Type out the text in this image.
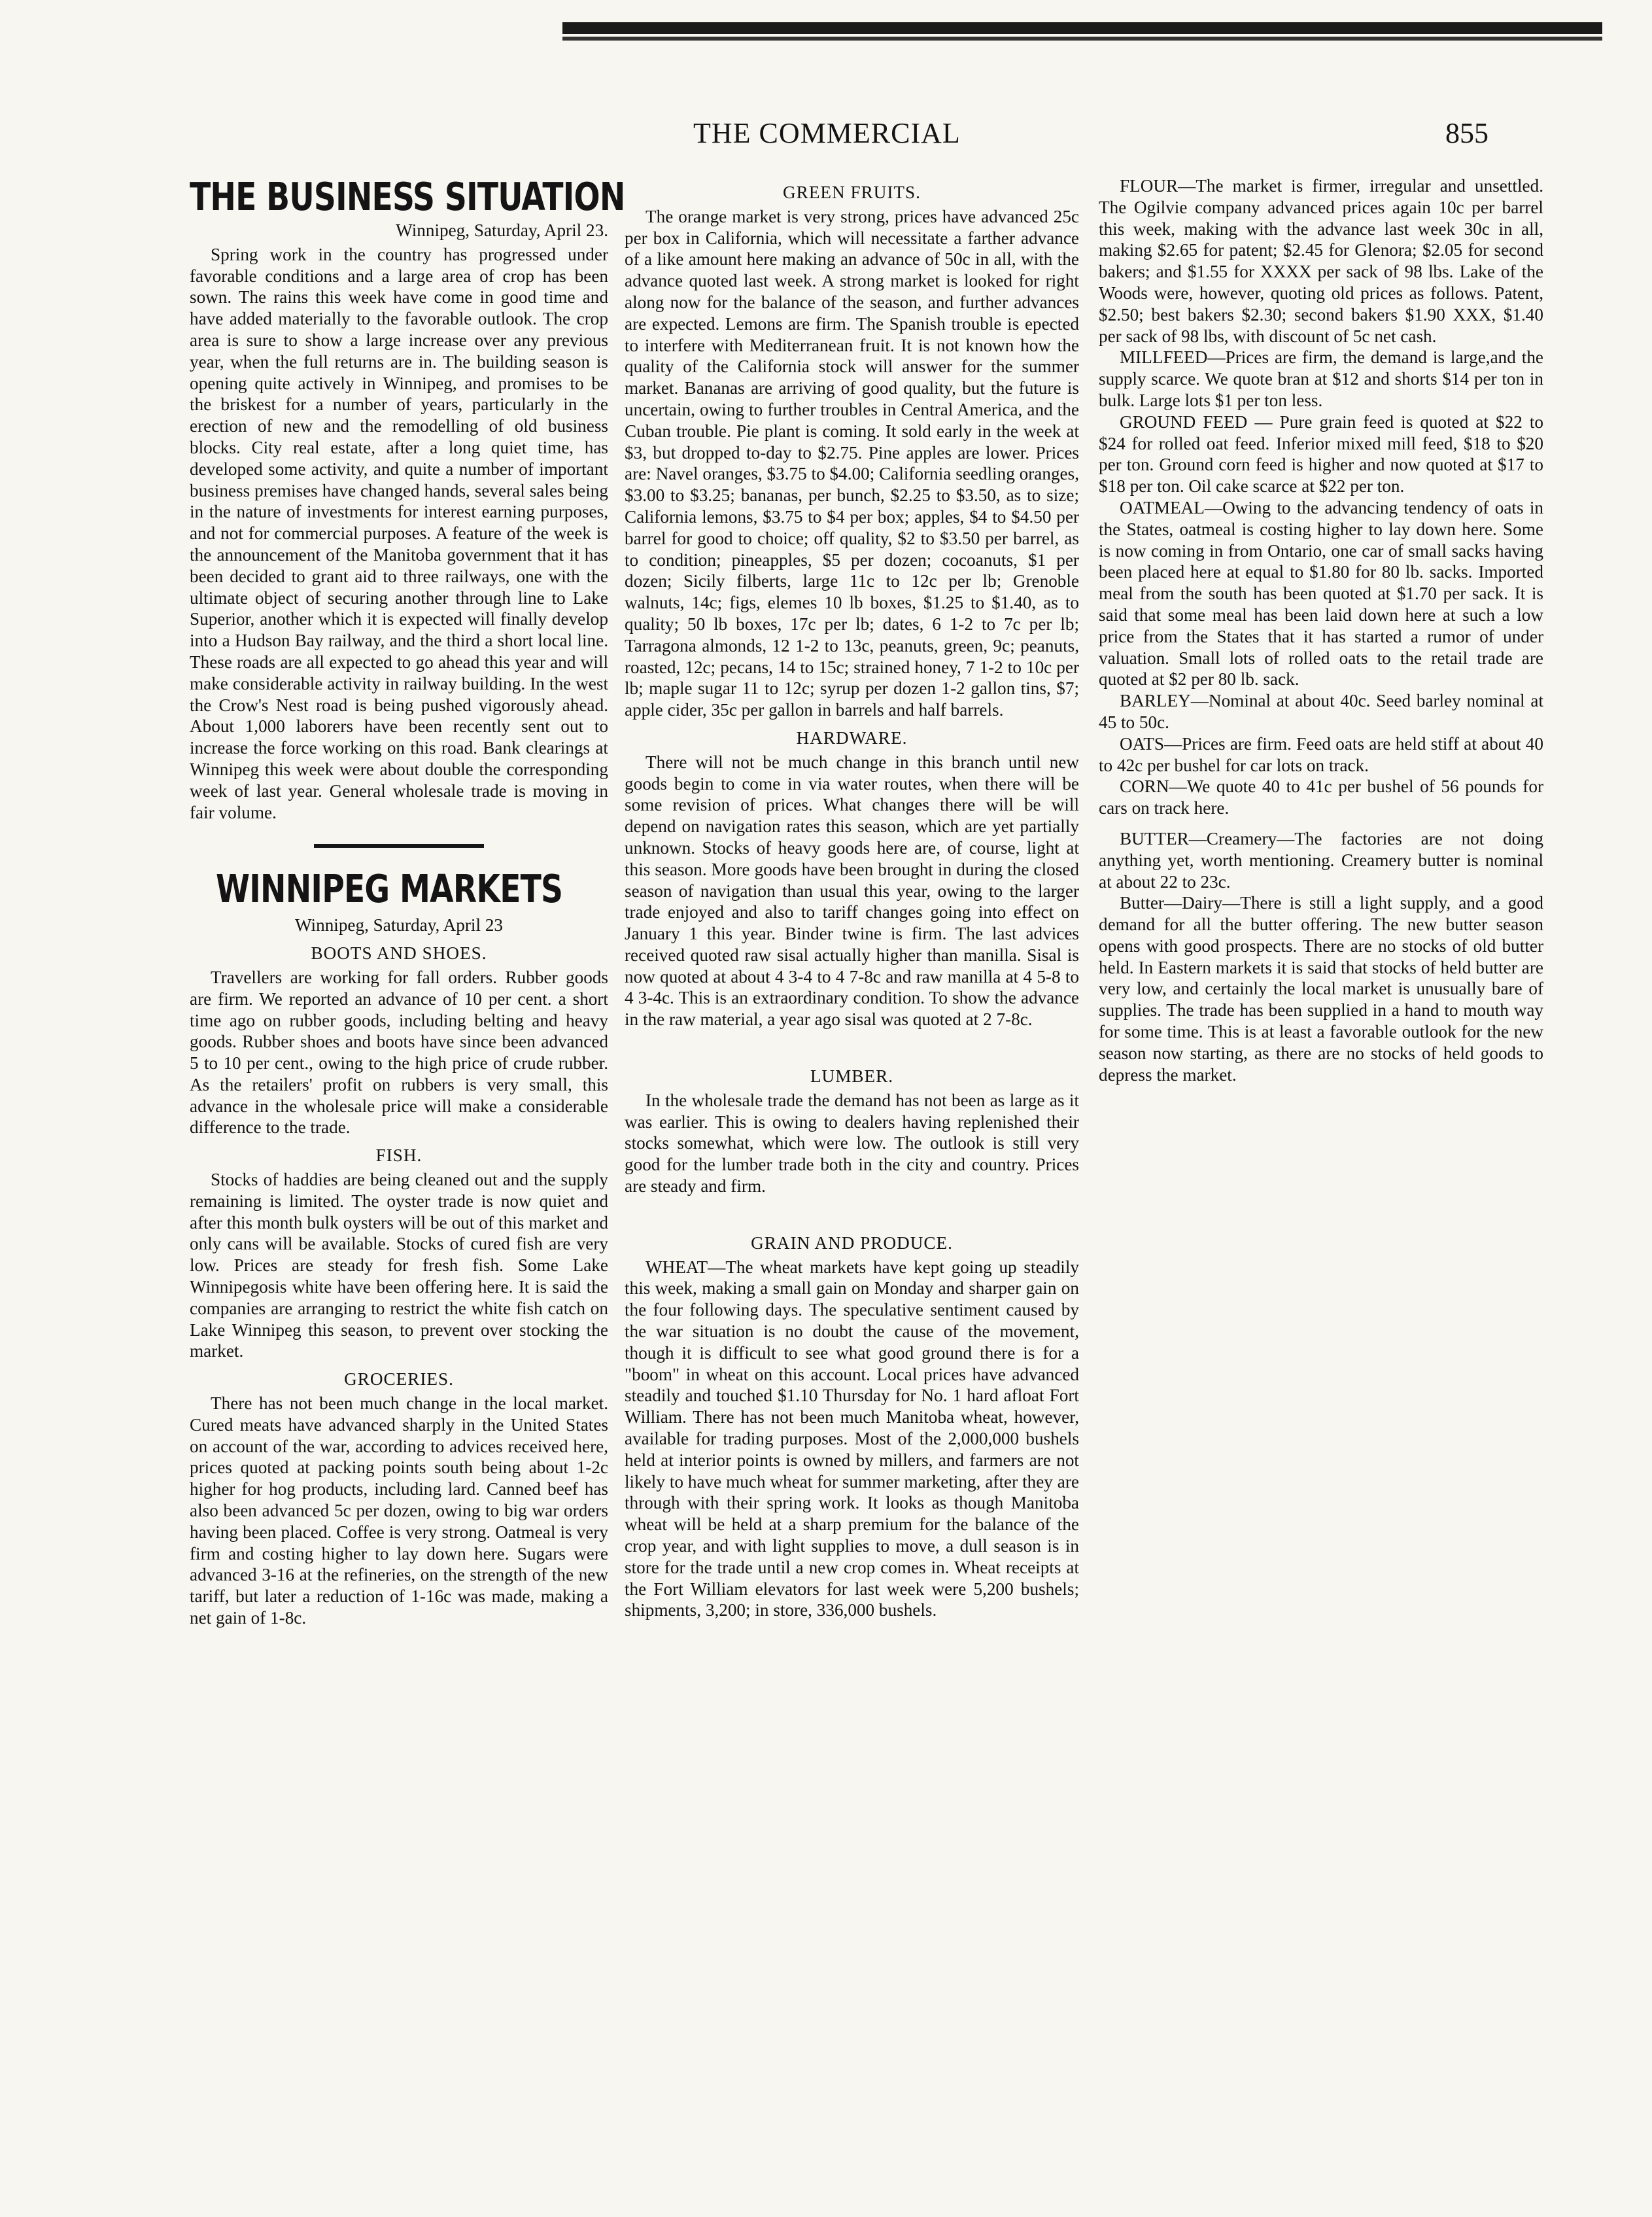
THE COMMERCIAL	855
THE BUSINESS SITUATION
Winnipeg, Saturday, April 23.

Spring work in the country has progressed under favorable conditions and a large area of crop has been sown. The rains this week have come in good time and have added materially to the favorable outlook. The crop area is sure to show a large increase over any previous year, when the full returns are in. The building season is opening quite actively in Winnipeg, and promises to be the briskest for a number of years, particularly in the erection of new and the remodelling of old business blocks. City real estate, after a long quiet time, has developed some activity, and quite a number of important business premises have changed hands, several sales being in the nature of investments for interest earning purposes, and not for commercial purposes. A feature of the week is the announcement of the Manitoba government that it has been decided to grant aid to three railways, one with the ultimate object of securing another through line to Lake Superior, another which it is expected will finally develop into a Hudson Bay railway, and the third a short local line. These roads are all expected to go ahead this year and will make considerable activity in railway building. In the west the Crow's Nest road is being pushed vigorously ahead. About 1,000 laborers have been recently sent out to increase the force working on this road. Bank clearings at Winnipeg this week were about double the corresponding week of last year. General wholesale trade is moving in fair volume.

WINNIPEG MARKETS
Winnipeg, Saturday, April 23
BOOTS AND SHOES.

Travellers are working for fall orders. Rubber goods are firm. We reported an advance of 10 per cent. a short time ago on rubber goods, including belting and heavy goods. Rubber shoes and boots have since been advanced 5 to 10 per cent., owing to the high price of crude rubber. As the retailers' profit on rubbers is very small, this advance in the wholesale price will make a considerable difference to the trade.

FISH.

Stocks of haddies are being cleaned out and the supply remaining is limited. The oyster trade is now quiet and after this month bulk oysters will be out of this market and only cans will be available. Stocks of cured fish are very low. Prices are steady for fresh fish. Some Lake Winnipegosis white have been offering here. It is said the companies are arranging to restrict the white fish catch on Lake Winnipeg this season, to prevent over stocking the market.

GROCERIES.

There has not been much change in the local market. Cured meats have advanced sharply in the United States on account of the war, according to advices received here, prices quoted at packing points south being about 1-2c higher for hog products, including lard. Canned beef has also been advanced 5c per dozen, owing to big war orders having been placed. Coffee is very strong. Oatmeal is very firm and costing higher to lay down here. Sugars were advanced 3-16 at the refineries, on the strength of the new tariff, but later a reduction of 1-16c was made, making a net gain of 1-8c.

GREEN FRUITS.

The orange market is very strong, prices have advanced 25c per box in California, which will necessitate a farther advance of a like amount here making an advance of 50c in all, with the advance quoted last week. A strong market is looked for right along now for the balance of the season, and further advances are expected. Lemons are firm. The Spanish trouble is epected to interfere with Mediterranean fruit. It is not known how the quality of the California stock will answer for the summer market. Bananas are arriving of good quality, but the future is uncertain, owing to further troubles in Central America, and the Cuban trouble. Pie plant is coming. It sold early in the week at $3, but dropped to-day to $2.75. Pine apples are lower. Prices are: Navel oranges, $3.75 to $4.00; California seedling oranges, $3.00 to $3.25; bananas, per bunch, $2.25 to $3.50, as to size; California lemons, $3.75 to $4 per box; apples, $4 to $4.50 per barrel for good to choice; off quality, $2 to $3.50 per barrel, as to condition; pineapples, $5 per dozen; cocoanuts, $1 per dozen; Sicily filberts, large 11c to 12c per lb; Grenoble walnuts, 14c; figs, elemes 10 lb boxes, $1.25 to $1.40, as to quality; 50 lb boxes, 17c per lb; dates, 6 1-2 to 7c per lb; Tarragona almonds, 12 1-2 to 13c, peanuts, green, 9c; peanuts, roasted, 12c; pecans, 14 to 15c; strained honey, 7 1-2 to 10c per lb; maple sugar 11 to 12c; syrup per dozen 1-2 gallon tins, $7; apple cider, 35c per gallon in barrels and half barrels.

HARDWARE.

There will not be much change in this branch until new goods begin to come in via water routes, when there will be some revision of prices. What changes there will be will depend on navigation rates this season, which are yet partially unknown. Stocks of heavy goods here are, of course, light at this season. More goods have been brought in during the closed season of navigation than usual this year, owing to the larger trade enjoyed and also to tariff changes going into effect on January 1 this year. Binder twine is firm. The last advices received quoted raw sisal actually higher than manilla. Sisal is now quoted at about 4 3-4 to 4 7-8c and raw manilla at 4 5-8 to 4 3-4c. This is an extraordinary condition. To show the advance in the raw material, a year ago sisal was quoted at 2 7-8c.

LUMBER.

In the wholesale trade the demand has not been as large as it was earlier. This is owing to dealers having replenished their stocks somewhat, which were low. The outlook is still very good for the lumber trade both in the city and country. Prices are steady and firm.

GRAIN AND PRODUCE.

WHEAT—The wheat markets have kept going up steadily this week, making a small gain on Monday and sharper gain on the four following days. The speculative sentiment caused by the war situation is no doubt the cause of the movement, though it is difficult to see what good ground there is for a "boom" in wheat on this account. Local prices have advanced steadily and touched $1.10 Thursday for No. 1 hard afloat Fort William. There has not been much Manitoba wheat, however, available for trading purposes. Most of the 2,000,000 bushels held at interior points is owned by millers, and farmers are not likely to have much wheat for summer marketing, after they are through with their spring work. It looks as though Manitoba wheat will be held at a sharp premium for the balance of the crop year, and with light supplies to move, a dull season is in store for the trade until a new crop comes in. Wheat receipts at the Fort William elevators for last week were 5,200 bushels; shipments, 3,200; in store, 336,000 bushels.

FLOUR—The market is firmer, irregular and unsettled. The Ogilvie company advanced prices again 10c per barrel this week, making with the advance last week 30c in all, making $2.65 for patent; $2.45 for Glenora; $2.05 for second bakers; and $1.55 for XXXX per sack of 98 lbs. Lake of the Woods were, however, quoting old prices as follows. Patent, $2.50; best bakers $2.30; second bakers $1.90 XXX, $1.40 per sack of 98 lbs, with discount of 5c net cash.

MILLFEED—Prices are firm, the demand is large,and the supply scarce. We quote bran at $12 and shorts $14 per ton in bulk. Large lots $1 per ton less.

GROUND FEED — Pure grain feed is quoted at $22 to $24 for rolled oat feed. Inferior mixed mill feed, $18 to $20 per ton. Ground corn feed is higher and now quoted at $17 to $18 per ton. Oil cake scarce at $22 per ton.

OATMEAL—Owing to the advancing tendency of oats in the States, oatmeal is costing higher to lay down here. Some is now coming in from Ontario, one car of small sacks having been placed here at equal to $1.80 for 80 lb. sacks. Imported meal from the south has been quoted at $1.70 per sack. It is said that some meal has been laid down here at such a low price from the States that it has started a rumor of under valuation. Small lots of rolled oats to the retail trade are quoted at $2 per 80 lb. sack.

BARLEY—Nominal at about 40c. Seed barley nominal at 45 to 50c.

OATS—Prices are firm. Feed oats are held stiff at about 40 to 42c per bushel for car lots on track.

CORN—We quote 40 to 41c per bushel of 56 pounds for cars on track here.

BUTTER—Creamery—The factories are not doing anything yet, worth mentioning. Creamery butter is nominal at about 22 to 23c.

Butter—Dairy—There is still a light supply, and a good demand for all the butter offering. The new butter season opens with good prospects. There are no stocks of old butter held. In Eastern markets it is said that stocks of held butter are very low, and certainly the local market is unusually bare of supplies. The trade has been supplied in a hand to mouth way for some time. This is at least a favorable outlook for the new season now starting, as there are no stocks of held goods to depress the market.
